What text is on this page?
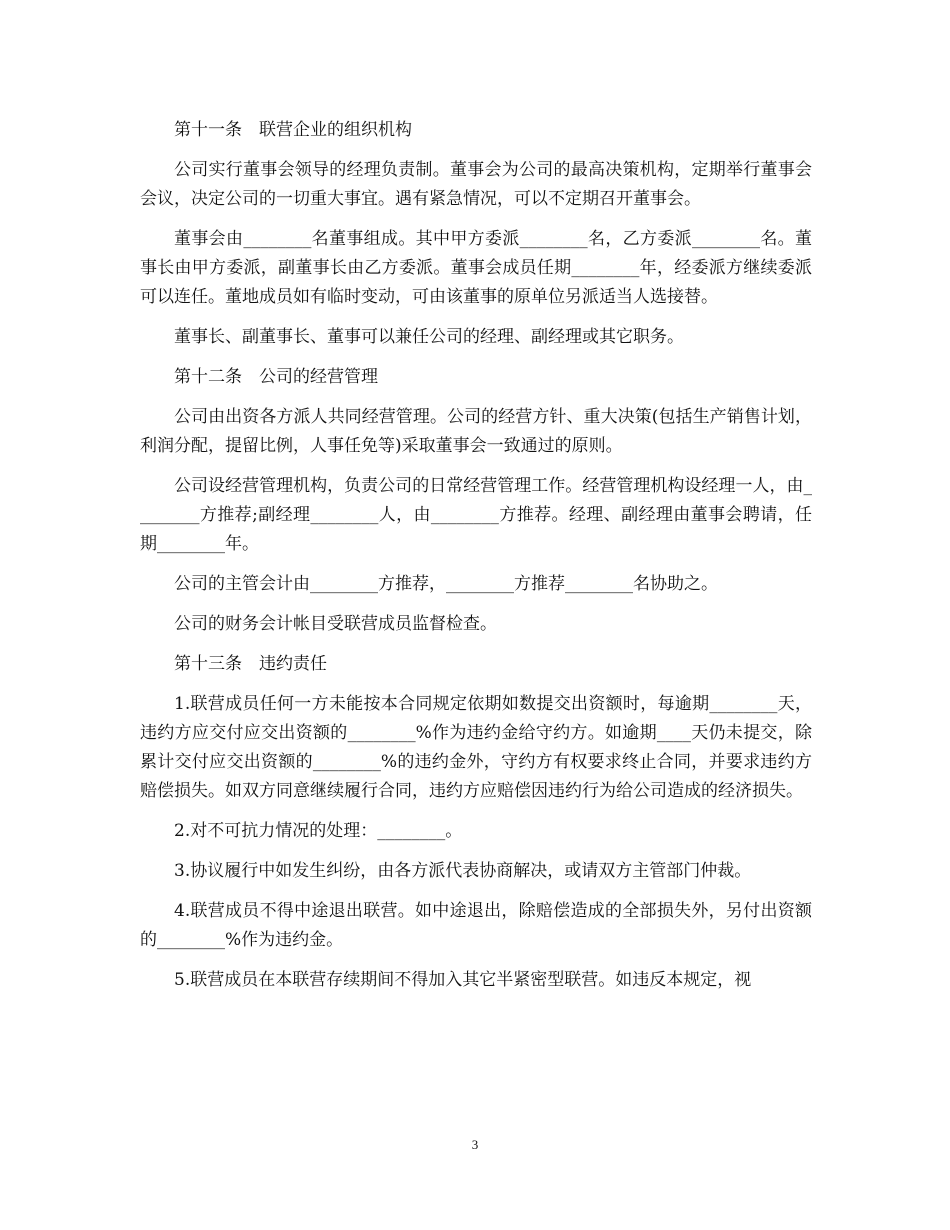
第十一条　联营企业的组织机构

公司实行董事会领导的经理负责制。董事会为公司的最高决策机构，定期举行董事会会议，决定公司的一切重大事宜。遇有紧急情况，可以不定期召开董事会。

董事会由________名董事组成。其中甲方委派________名，乙方委派________名。董事长由甲方委派，副董事长由乙方委派。董事会成员任期________年，经委派方继续委派可以连任。董地成员如有临时变动，可由该董事的原单位另派适当人选接替。

董事长、副董事长、董事可以兼任公司的经理、副经理或其它职务。

第十二条　公司的经营管理

公司由出资各方派人共同经营管理。公司的经营方针、重大决策(包括生产销售计划，利润分配，提留比例，人事任免等)采取董事会一致通过的原则。

公司设经营管理机构，负责公司的日常经营管理工作。经营管理机构设经理一人，由________方推荐;副经理________人，由________方推荐。经理、副经理由董事会聘请，任期________年。

公司的主管会计由________方推荐，________方推荐________名协助之。

公司的财务会计帐目受联营成员监督检查。

第十三条　违约责任

1.联营成员任何一方未能按本合同规定依期如数提交出资额时，每逾期________天，违约方应交付应交出资额的________%作为违约金给守约方。如逾期____天仍未提交，除累计交付应交出资额的________%的违约金外，守约方有权要求终止合同，并要求违约方赔偿损失。如双方同意继续履行合同，违约方应赔偿因违约行为给公司造成的经济损失。

2.对不可抗力情况的处理：________。

3.协议履行中如发生纠纷，由各方派代表协商解决，或请双方主管部门仲裁。

4.联营成员不得中途退出联营。如中途退出，除赔偿造成的全部损失外，另付出资额的________%作为违约金。

5.联营成员在本联营存续期间不得加入其它半紧密型联营。如违反本规定，视

3
